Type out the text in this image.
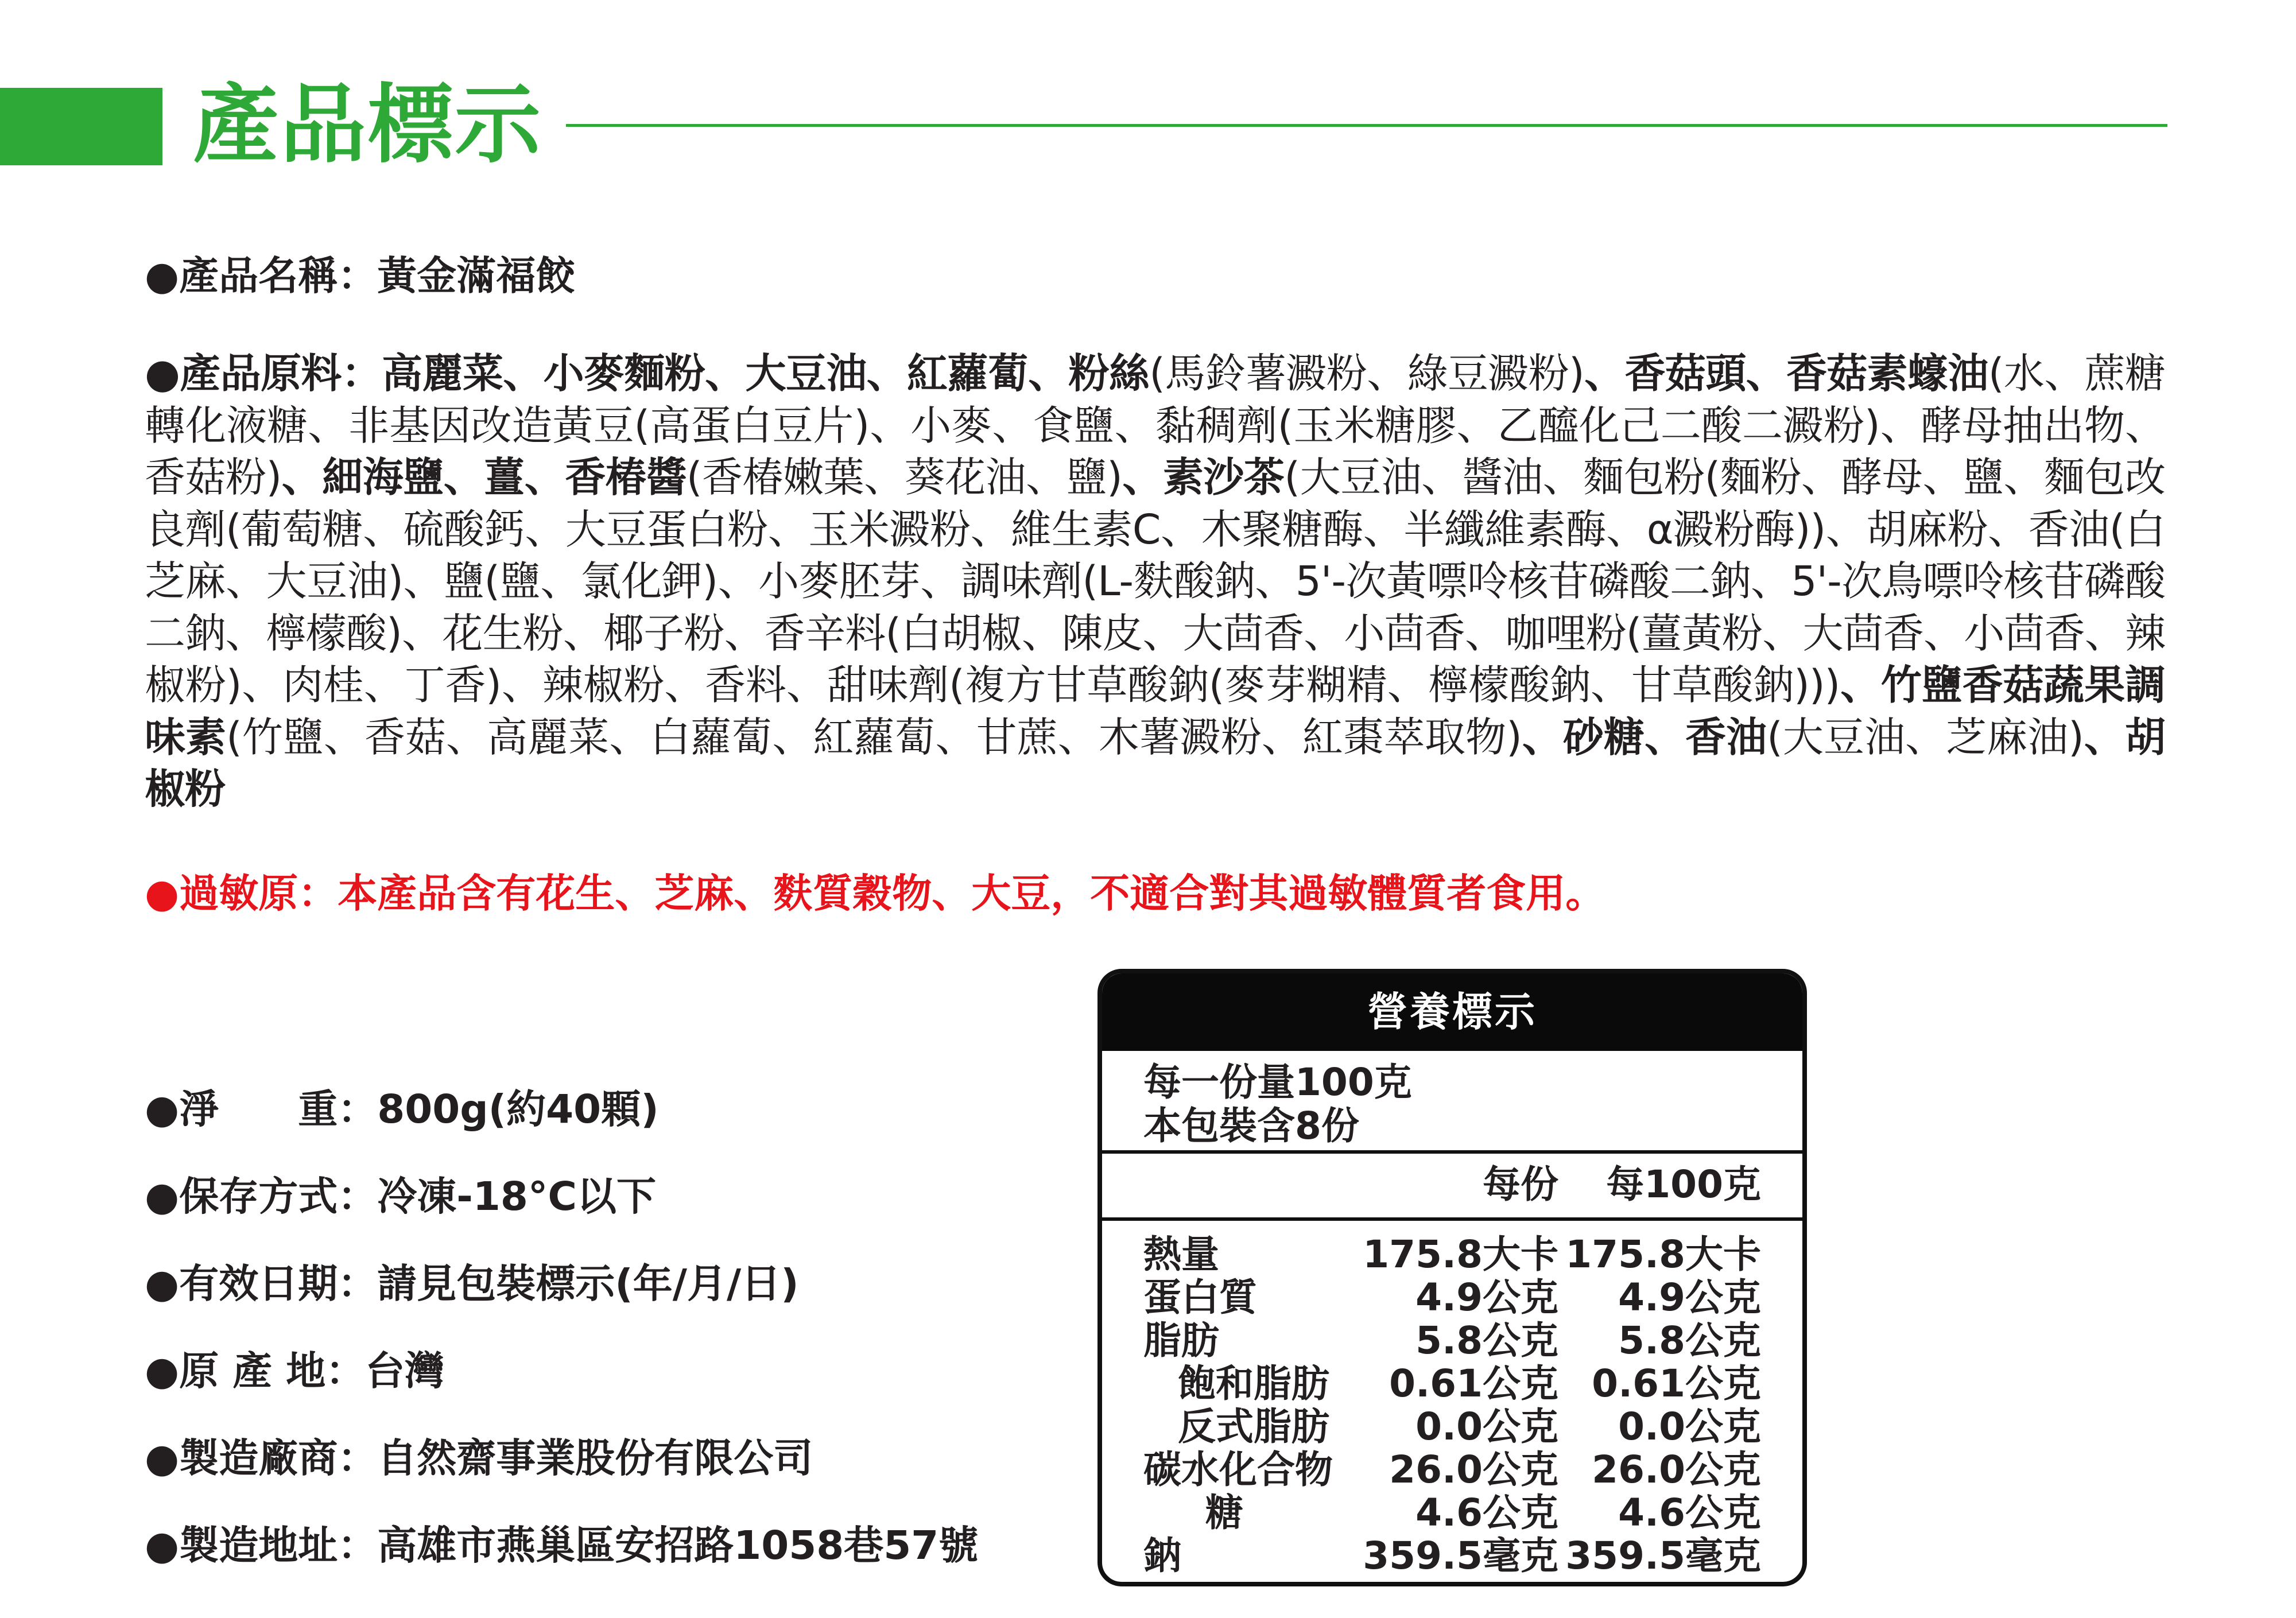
產品標示
●產品名稱：黃金滿福餃
●產品原料：高麗菜、小麥麵粉、大豆油、紅蘿蔔、粉絲(馬鈴薯澱粉、綠豆澱粉)、香菇頭、香菇素蠔油(水、蔗糖轉化液糖、非基因改造黃豆(高蛋白豆片)、小麥、食鹽、黏稠劑(玉米糖膠、乙醯化己二酸二澱粉)、酵母抽出物、香菇粉)、細海鹽、薑、香椿醬(香椿嫩葉、葵花油、鹽)、素沙茶(大豆油、醬油、麵包粉(麵粉、酵母、鹽、麵包改良劑(葡萄糖、硫酸鈣、大豆蛋白粉、玉米澱粉、維生素C、木聚糖酶、半纖維素酶、α澱粉酶))、胡麻粉、香油(白芝麻、大豆油)、鹽(鹽、氯化鉀)、小麥胚芽、調味劑(L-麩酸鈉、5'-次黃嘌呤核苷磷酸二鈉、5'-次鳥嘌呤核苷磷酸二鈉、檸檬酸)、花生粉、椰子粉、香辛料(白胡椒、陳皮、大茴香、小茴香、咖哩粉(薑黃粉、大茴香、小茴香、辣椒粉)、肉桂、丁香)、辣椒粉、香料、甜味劑(複方甘草酸鈉(麥芽糊精、檸檬酸鈉、甘草酸鈉)))、竹鹽香菇蔬果調味素(竹鹽、香菇、高麗菜、白蘿蔔、紅蘿蔔、甘蔗、木薯澱粉、紅棗萃取物)、砂糖、香油(大豆油、芝麻油)、胡椒粉
●過敏原：本產品含有花生、芝麻、麩質穀物、大豆，不適合對其過敏體質者食用。
●淨　　重：800g(約40顆)
●保存方式：冷凍-18°C以下
●有效日期：請見包裝標示(年/月/日)
●原 產 地：台灣
●製造廠商：自然齋事業股份有限公司
●製造地址：高雄市燕巢區安招路1058巷57號
營養標示
每一份量100克
本包裝含8份
每份 每100克
熱量	175.8大卡 175.8大卡
蛋白質	4.9公克 4.9公克
脂肪	5.8公克 5.8公克
飽和脂肪 0.61公克 0.61公克
反式脂肪 0.0公克 0.0公克
碳水化合物 26.0公克 26.0公克
糖	4.6公克 4.6公克
鈉	359.5毫克 359.5毫克
